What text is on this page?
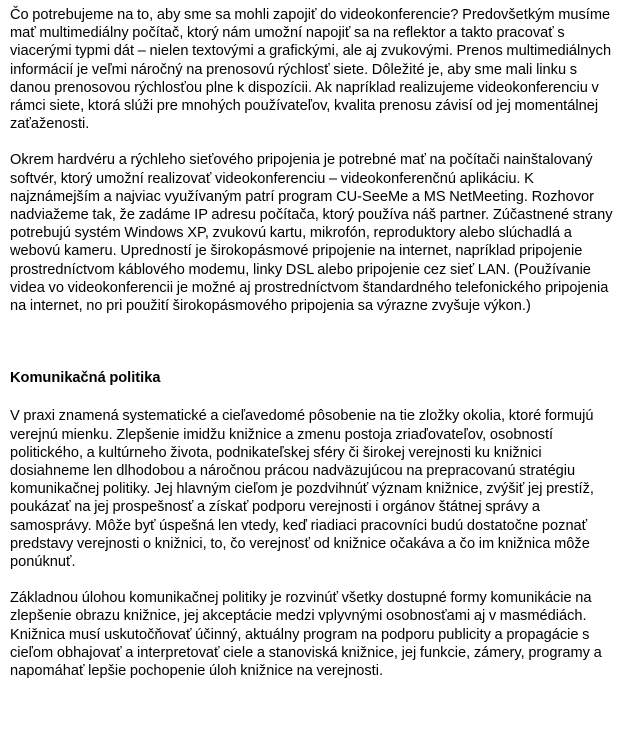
Čo potrebujeme na to, aby sme sa mohli zapojiť do videokonferencie? Predovšetkým musíme mať multimediálny počítač, ktorý nám umožní napojiť sa na reflektor a takto pracovať s viacerými typmi dát – nielen textovými a grafickými, ale aj zvukovými. Prenos multimediálnych informácií je veľmi náročný na prenosovú rýchlosť siete. Dôležité je, aby sme mali linku s danou prenosovou rýchlosťou plne k dispozícii. Ak napríklad realizujeme videokonferenciu v rámci siete, ktorá slúži pre mnohých používateľov, kvalita prenosu závisí od jej momentálnej zaťaženosti.

Okrem hardvéru a rýchleho sieťového pripojenia je potrebné mať na počítači nainštalovaný softvér, ktorý umožní realizovať videokonferenciu – videokonferenčnú aplikáciu. K najznámejším a najviac využívaným patrí program CU-SeeMe a MS NetMeeting. Rozhovor nadviažeme tak, že zadáme IP adresu počítača, ktorý používa náš partner. Zúčastnené strany potrebujú systém Windows XP, zvukovú kartu, mikrofón, reproduktory alebo slúchadlá a webovú kameru. Upredností je širokopásmové pripojenie na internet, napríklad pripojenie prostredníctvom káblového modemu, linky DSL alebo pripojenie cez sieť LAN. (Používanie videa vo videokonferencii je možné aj prostredníctvom štandardného telefonického pripojenia na internet, no pri použití širokopásmového pripojenia sa výrazne zvyšuje výkon.)

Komunikačná politika

V praxi znamená systematické a cieľavedomé pôsobenie na tie zložky okolia, ktoré formujú verejnú mienku. Zlepšenie imidžu knižnice a zmenu postoja zriaďovateľov, osobností politického, a kultúrneho života, podnikateľskej sféry či širokej verejnosti ku knižnici dosiahneme len dlhodobou a náročnou prácou nadväzujúcou na prepracovanú stratégiu komunikačnej politiky. Jej hlavným cieľom je pozdvihnúť význam knižnice, zvýšiť jej prestíž, poukázať na jej prospešnosť a získať podporu verejnosti i orgánov štátnej správy a samosprávy. Môže byť úspešná len vtedy, keď riadiaci pracovníci budú dostatočne poznať predstavy verejnosti o knižnici, to, čo verejnosť od knižnice očakáva a čo im knižnica môže ponúknuť.

Základnou úlohou komunikačnej politiky je rozvinúť všetky dostupné formy komunikácie na zlepšenie obrazu knižnice, jej akceptácie medzi vplyvnými osobnosťami aj v masmédiách. Knižnica musí uskutočňovať účinný, aktuálny program na podporu publicity a propagácie s cieľom obhajovať a interpretovať ciele a stanoviská knižnice, jej funkcie, zámery, programy a napomáhať lepšie pochopenie úloh knižnice na verejnosti.
